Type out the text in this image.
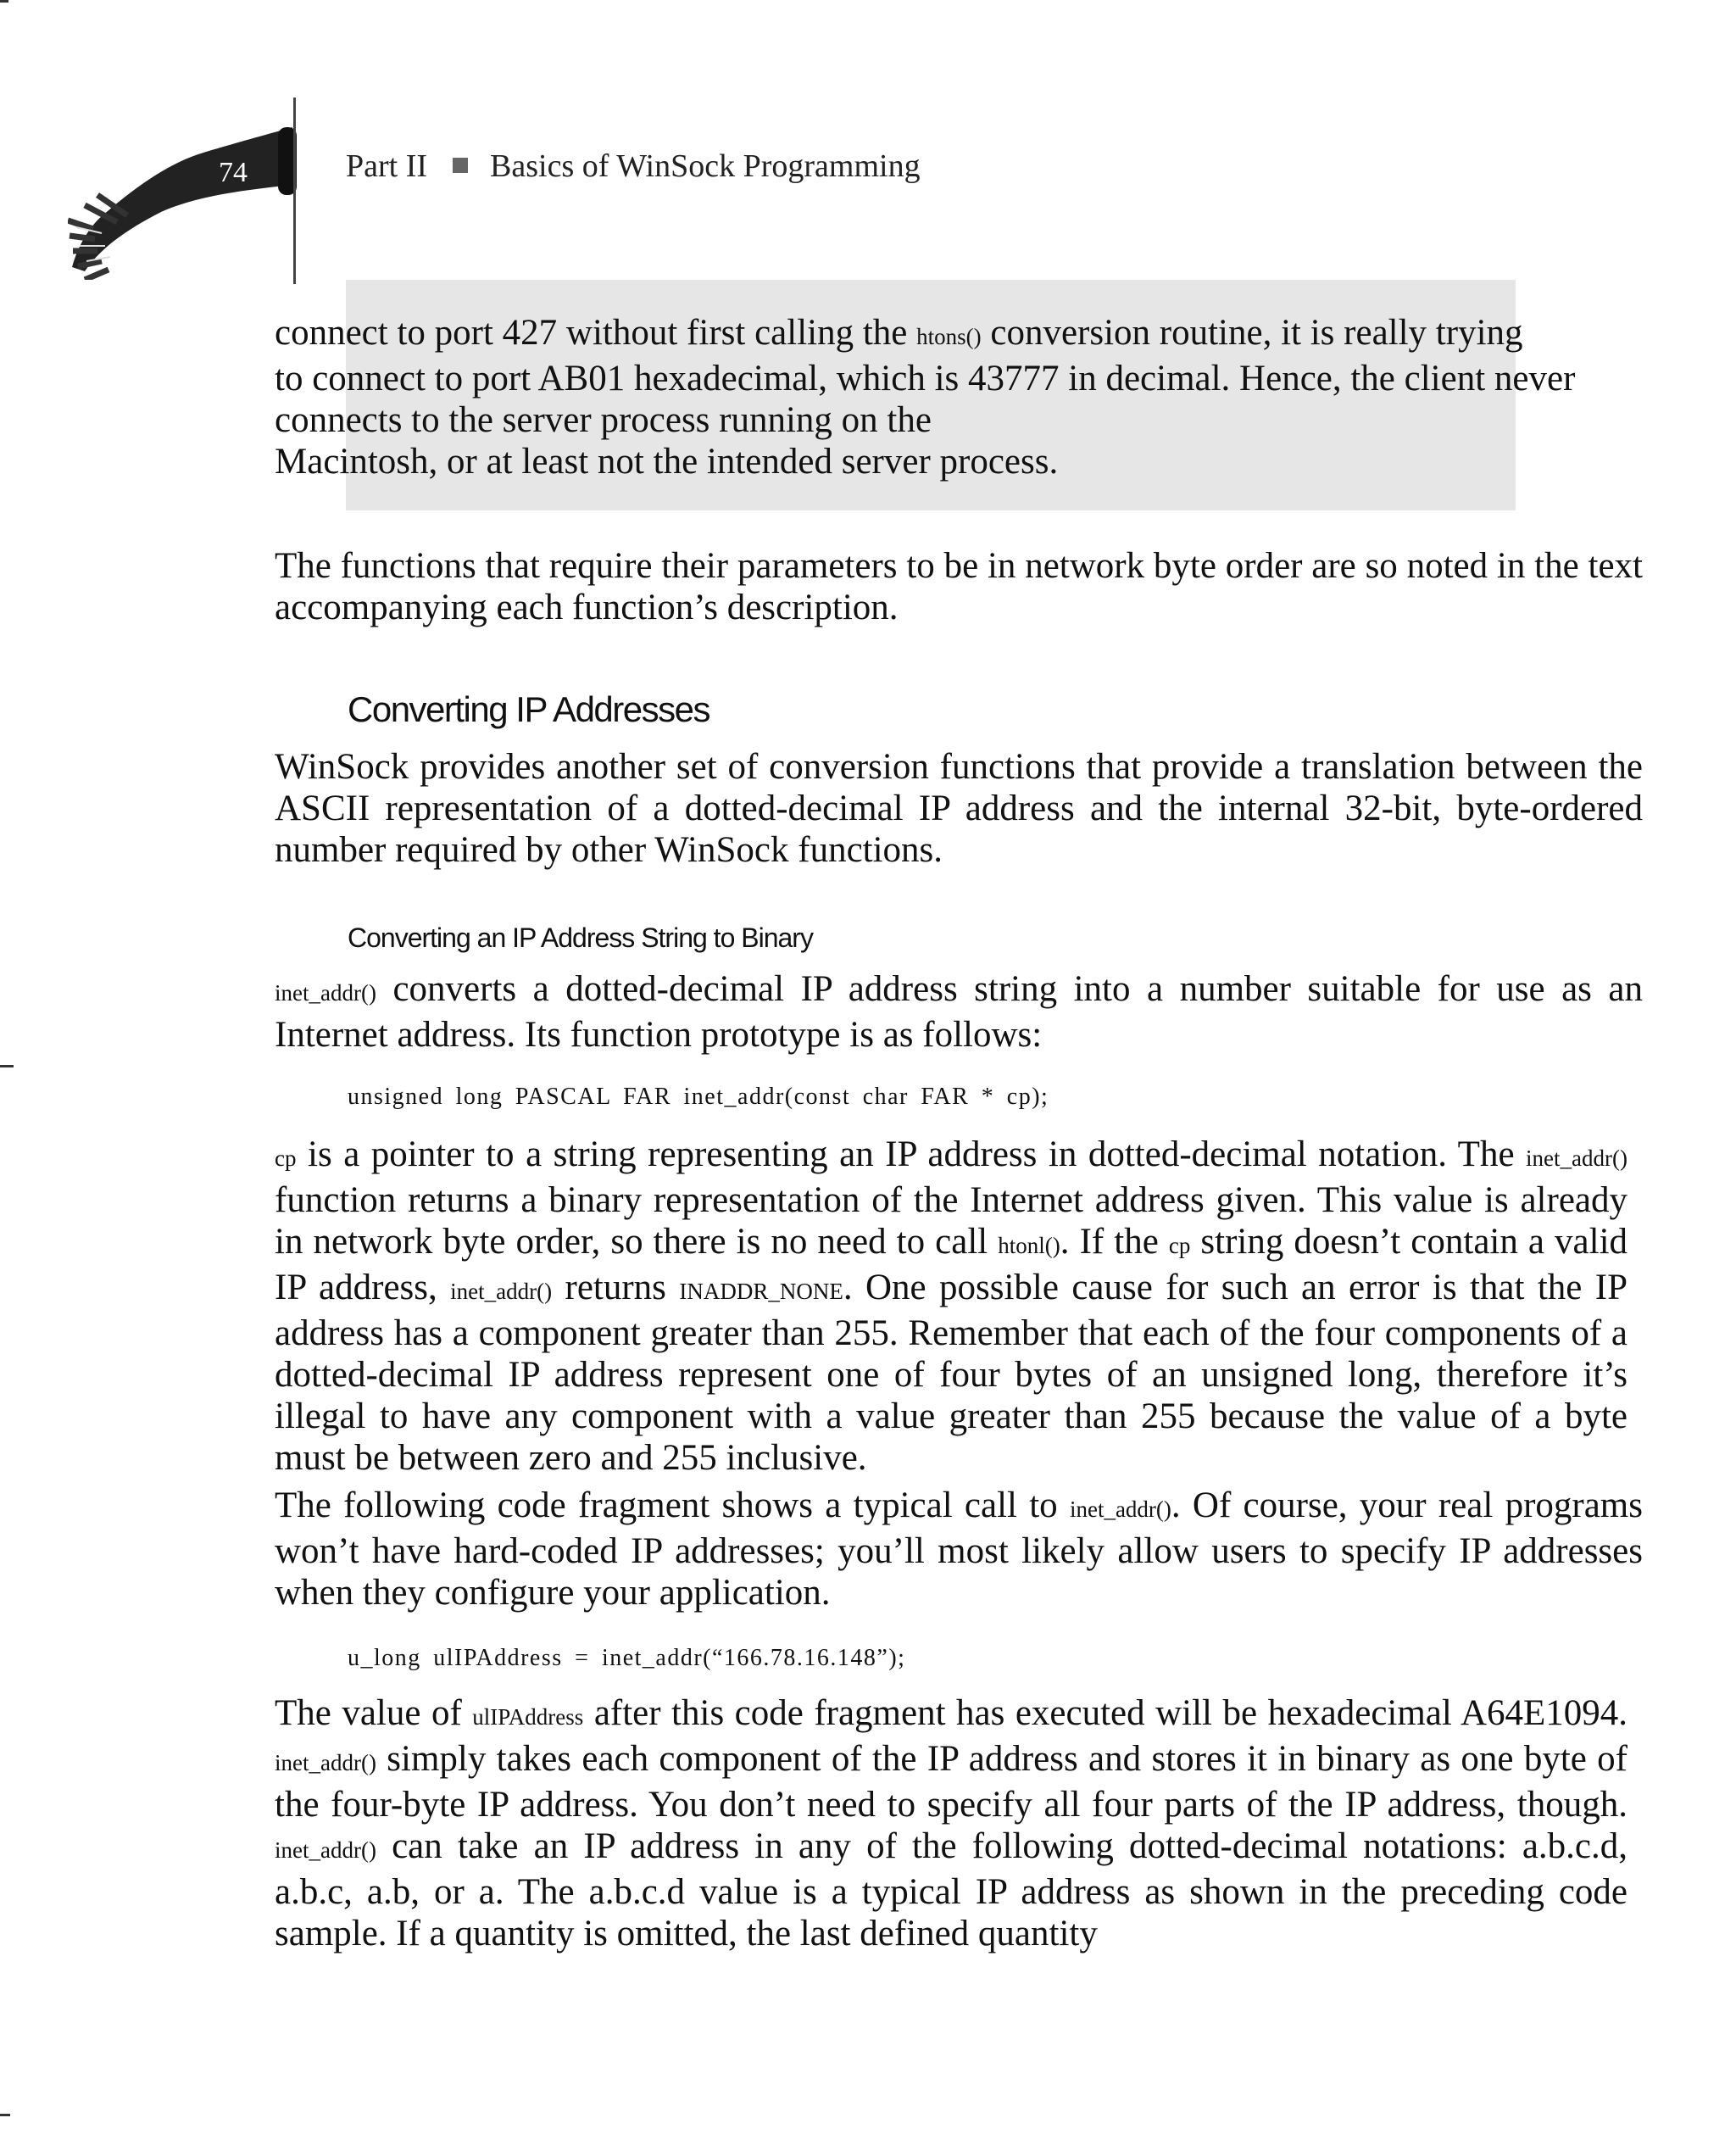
74	Part II Basics of WinSock Programming
connect to port 427 without first calling the htons() conversion routine, it is really trying
to connect to port AB01 hexadecimal, which is 43777 in decimal. Hence, the client never
connects to the server process running on the
Macintosh, or at least not the intended server process.

The functions that require their parameters to be in network byte order are so noted in the text accompanying each function’s description.

Converting IP Addresses

WinSock provides another set of conversion functions that provide a translation between the ASCII representation of a dotted-decimal IP address and the internal 32-bit, byte-ordered number required by other WinSock functions.

Converting an IP Address String to Binary

inet_addr() converts a dotted-decimal IP address string into a number suitable for use as an Internet address. Its function prototype is as follows:

unsigned long PASCAL FAR inet_addr(const char FAR * cp);

cp is a pointer to a string representing an IP address in dotted-decimal notation. The inet_addr() function returns a binary representation of the Internet address given. This value is already in network byte order, so there is no need to call htonl(). If the cp string doesn’t contain a valid IP address, inet_addr() returns INADDR_NONE. One possible cause for such an error is that the IP address has a component greater than 255. Remember that each of the four components of a dotted-decimal IP address represent one of four bytes of an unsigned long, therefore it’s illegal to have any component with a value greater than 255 because the value of a byte must be between zero and 255 inclusive.

The following code fragment shows a typical call to inet_addr(). Of course, your real programs won’t have hard-coded IP addresses; you’ll most likely allow users to specify IP addresses when they configure your application.

u_long ulIPAddress = inet_addr(“166.78.16.148”);

The value of ulIPAddress after this code fragment has executed will be hexadecimal A64E1094. inet_addr() simply takes each component of the IP address and stores it in binary as one byte of the four-byte IP address. You don’t need to specify all four parts of the IP address, though. inet_addr() can take an IP address in any of the following dotted-decimal notations: a.b.c.d, a.b.c, a.b, or a. The a.b.c.d value is a typical IP address as shown in the preceding code sample. If a quantity is omitted, the last defined quantity
